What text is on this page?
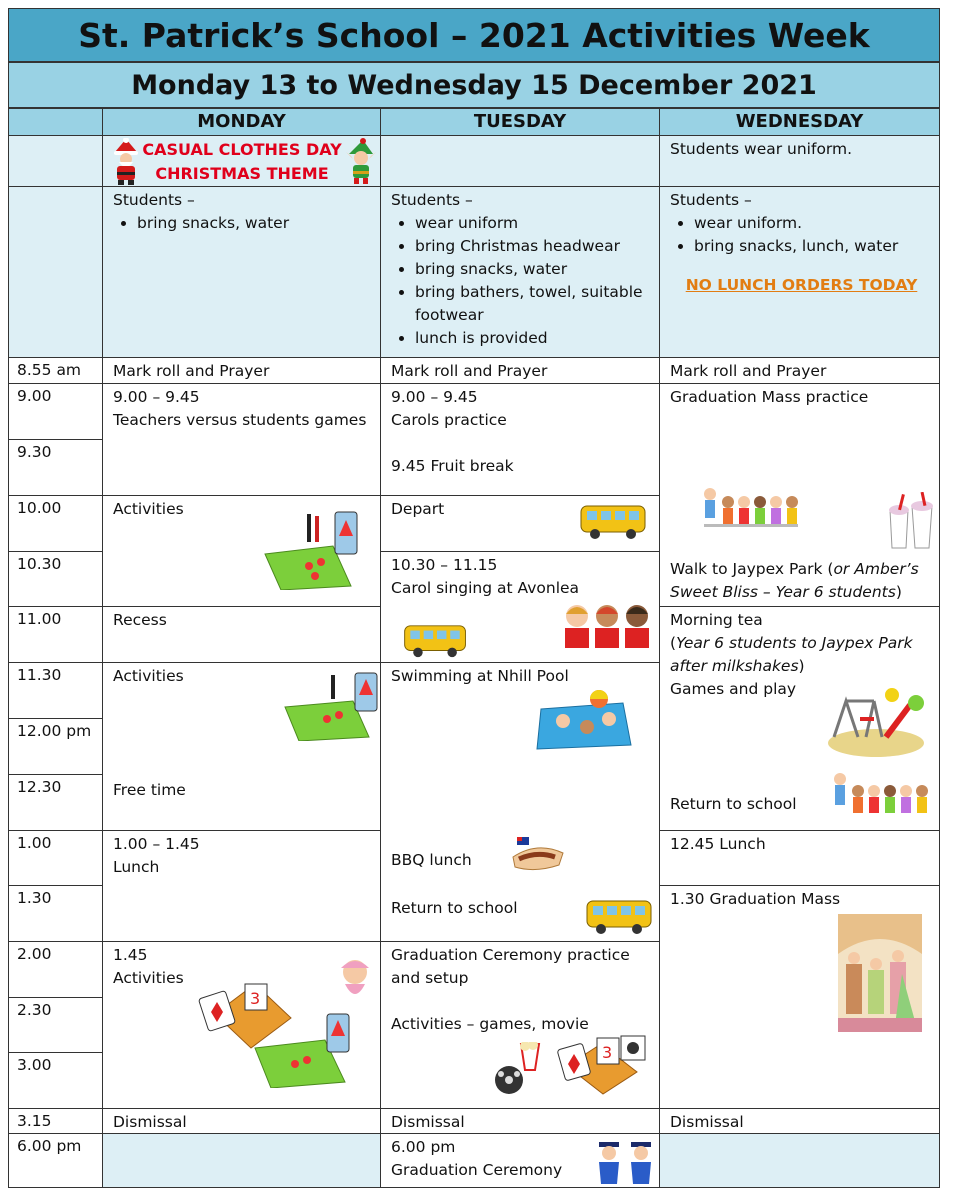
St. Patrick’s School – 2021 Activities Week
Monday 13 to Wednesday 15 December 2021
MONDAY	TUESDAY	WEDNESDAY
CASUAL CLOTHES DAY
CHRISTMAS THEME
Students wear uniform.
Students –
• bring snacks, water
Students –
• wear uniform
• bring Christmas headwear
• bring snacks, water
• bring bathers, towel, suitable footwear
• lunch is provided
Students –
• wear uniform.
• bring snacks, lunch, water
NO LUNCH ORDERS TODAY
8.55 am
9.00
9.30
10.00
10.30
11.00
11.30
12.00 pm
12.30
1.00
1.30
2.00
2.30
3.00
3.15
6.00 pm
Mark roll and Prayer
9.00 – 9.45
Teachers versus students games
Activities
Recess
Activities
Free time
1.00 – 1.45
Lunch
1.45
Activities
3
Dismissal
Mark roll and Prayer
9.00 – 9.45
Carols practice
9.45 Fruit break
Depart
10.30 – 11.15
Carol singing at Avonlea
Swimming at Nhill Pool
BBQ lunch
Return to school
Graduation Ceremony practice and setup
Activities – games, movie
3
Dismissal
6.00 pm
Graduation Ceremony
Mark roll and Prayer
Graduation Mass practice
Walk to Jaypex Park (or Amber’s Sweet Bliss – Year 6 students)
Morning tea
(Year 6 students to Jaypex Park after milkshakes)
Games and play
Return to school
12.45 Lunch
1.30 Graduation Mass
Dismissal
